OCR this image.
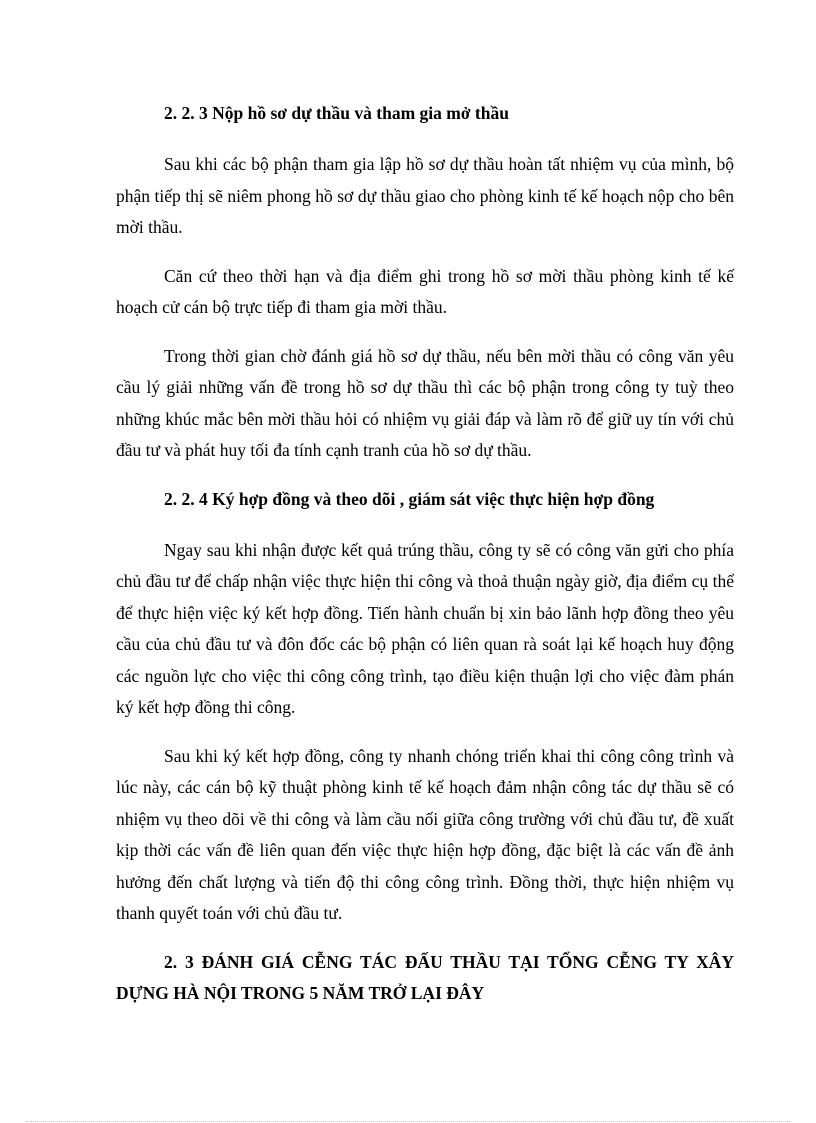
2. 2. 3 Nộp hồ sơ dự thầu và tham gia mở thầu

Sau khi các bộ phận tham gia lập hồ sơ dự thầu hoàn tất nhiệm vụ của mình, bộ phận tiếp thị sẽ niêm phong hồ sơ dự thầu giao cho phòng kinh tế kế hoạch nộp cho bên mời thầu.

Căn cứ theo thời hạn và địa điểm ghi trong hồ sơ mời thầu phòng kinh tế kế hoạch cử cán bộ trực tiếp đi tham gia mời thầu.

Trong thời gian chờ đánh giá hồ sơ dự thầu, nếu bên mời thầu có công văn yêu cầu lý giải những vấn đề trong hồ sơ dự thầu thì các bộ phận trong công ty tuỳ theo những khúc mắc bên mời thầu hỏi có nhiệm vụ giải đáp và làm rõ để giữ uy tín với chủ đầu tư và phát huy tối đa tính cạnh tranh của hồ sơ dự thầu.

2. 2. 4 Ký hợp đồng và theo dõi , giám sát việc thực hiện hợp đồng

Ngay sau khi nhận được kết quả trúng thầu, công ty sẽ có công văn gửi cho phía chủ đầu tư để chấp nhận việc thực hiện thi công và thoả thuận ngày giờ, địa điểm cụ thể để thực hiện việc ký kết hợp đồng. Tiến hành chuẩn bị xin bảo lãnh hợp đồng theo yêu cầu của chủ đầu tư và đôn đốc các bộ phận có liên quan rà soát lại kế hoạch huy động các nguồn lực cho việc thi công công trình, tạo điều kiện thuận lợi cho việc đàm phán ký kết hợp đồng thi công.

Sau khi ký kết hợp đồng, công ty nhanh chóng triển khai thi công công trình và lúc này, các cán bộ kỹ thuật phòng kinh tế kế hoạch đảm nhận công tác dự thầu sẽ có nhiệm vụ theo dõi về thi công và làm cầu nối giữa công trường với chủ đầu tư, đề xuất kịp thời các vấn đề liên quan đến việc thực hiện hợp đồng, đặc biệt là các vấn đề ảnh hưởng đến chất lượng và tiến độ thi công công trình. Đồng thời, thực hiện nhiệm vụ thanh quyết toán với chủ đầu tư.

2. 3 ĐÁNH GIÁ CỄNG TÁC ĐẤU THẦU TẠI TỔNG CỄNG TY XÂY DỰNG HÀ NỘI TRONG 5 NĂM TRỞ LẠI ĐÂY
